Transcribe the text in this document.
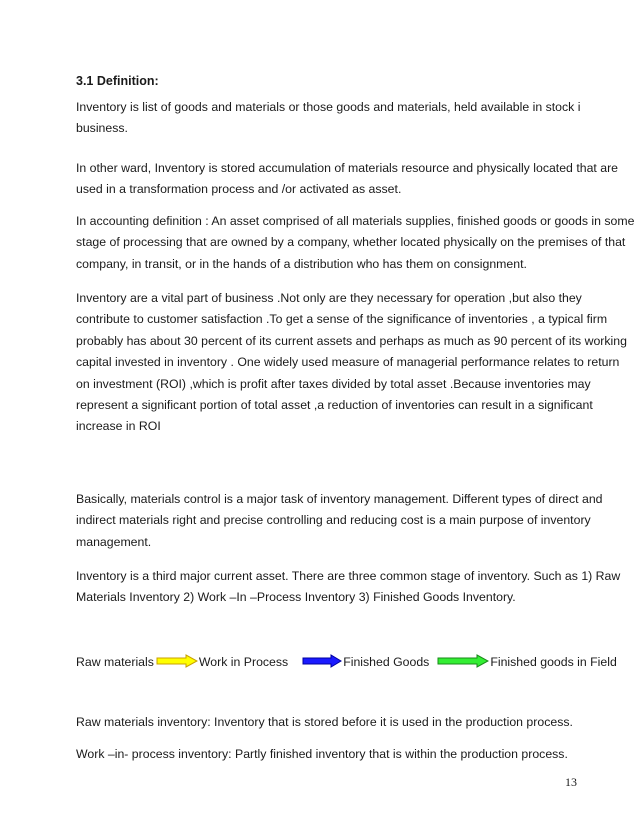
3.1 Definition:
Inventory is list of goods and materials or those goods and materials, held available in stock i
business.
In other ward, Inventory is stored accumulation of materials resource and physically located that are
used in a transformation process and /or activated as asset.
In accounting definition : An asset comprised of all materials supplies, finished goods or goods in some
stage of processing that are owned by a company, whether located physically on the premises of that
company, in transit, or in the hands of a distribution who has them on consignment.
Inventory are a vital part of business .Not only are they necessary for operation ,but also they
contribute to customer satisfaction .To get a sense of the significance of inventories , a typical firm
probably has about 30 percent of its current assets and perhaps as much as 90 percent of its working
capital invested in inventory . One widely used measure of managerial performance relates to return
on investment (ROI) ,which is profit after taxes divided by total asset .Because inventories may
represent a significant portion of total asset ,a reduction of inventories can result in a significant
increase in ROI
Basically, materials control is a major task of inventory management. Different types of direct and
indirect materials right and precise controlling and reducing cost is a main purpose of inventory
management.
Inventory is a third major current asset. There are three common stage of inventory. Such as 1) Raw
Materials Inventory 2) Work –In –Process Inventory 3) Finished Goods Inventory.
Raw materials	Work in Process	Finished Goods	Finished goods in Field
Raw materials inventory: Inventory that is stored before it is used in the production process.
Work –in- process inventory: Partly finished inventory that is within the production process.
13
